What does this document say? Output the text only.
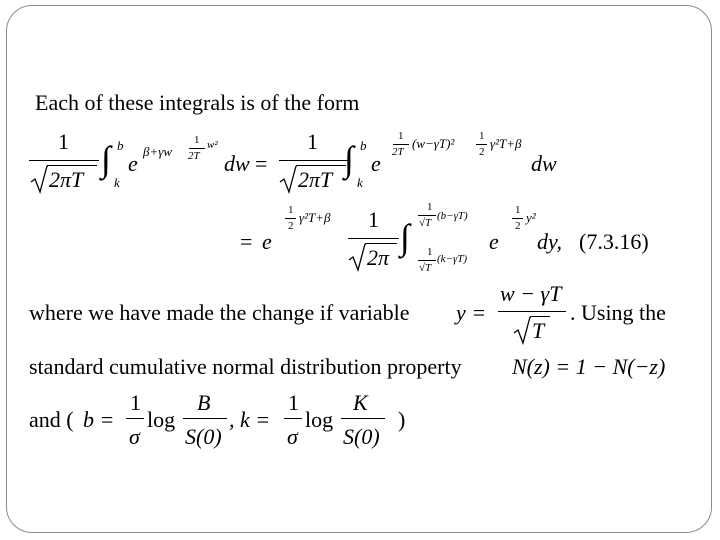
Each of these integrals is of the form
1
2πT
∫ b
k
e β+γw
1
2T
w²
dw =
1
2πT
∫ b
k
e
1
2T
(w−γT)² 1
2
γ²T+β
dw
= e
1
2
γ²T+β 1
2π
∫
1
√T
(b−γT)
1
√T
(k−γT)
e
1
2
y²
dy, (7.3.16)
where we have made the change if variable y =
w − γT
T
. Using the
standard cumulative normal distribution property N(z) = 1 − N(−z)
and ( b =
1
σ
log
B
S(0)
, k =
1
σ
log
K
S(0)
)
